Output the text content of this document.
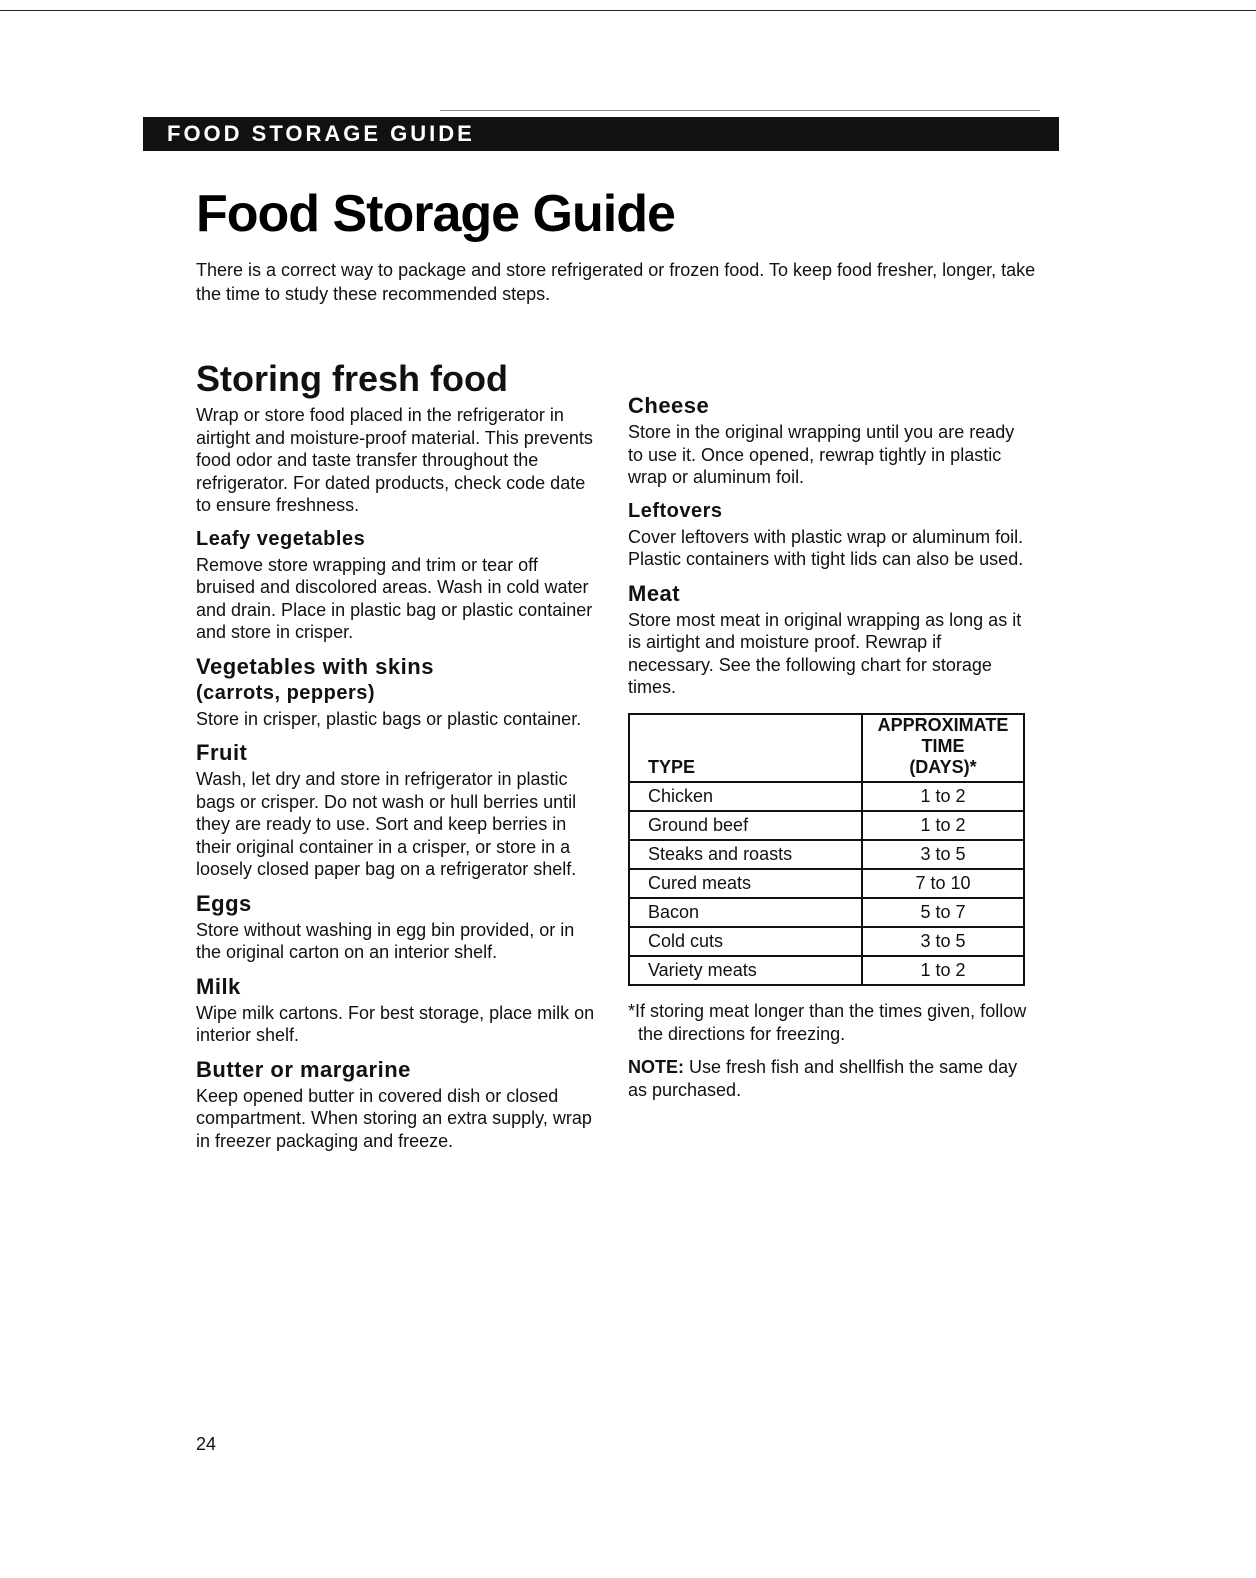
FOOD STORAGE GUIDE
Food Storage Guide

There is a correct way to package and store refrigerated or frozen food. To keep food fresher, longer, take the time to study these recommended steps.

Storing fresh food

Wrap or store food placed in the refrigerator in airtight and moisture-proof material. This prevents food odor and taste transfer throughout the refrigerator. For dated products, check code date to ensure freshness.

Leafy vegetables

Remove store wrapping and trim or tear off bruised and discolored areas. Wash in cold water and drain. Place in plastic bag or plastic container and store in crisper.

Vegetables with skins
(carrots, peppers)

Store in crisper, plastic bags or plastic container.

Fruit

Wash, let dry and store in refrigerator in plastic bags or crisper. Do not wash or hull berries until they are ready to use. Sort and keep berries in their original container in a crisper, or store in a loosely closed paper bag on a refrigerator shelf.

Eggs

Store without washing in egg bin provided, or in the original carton on an interior shelf.

Milk

Wipe milk cartons. For best storage, place milk on interior shelf.

Butter or margarine

Keep opened butter in covered dish or closed compartment. When storing an extra supply, wrap in freezer packaging and freeze.

Cheese

Store in the original wrapping until you are ready to use it. Once opened, rewrap tightly in plastic wrap or aluminum foil.

Leftovers

Cover leftovers with plastic wrap or aluminum foil. Plastic containers with tight lids can also be used.

Meat

Store most meat in original wrapping as long as it is airtight and moisture proof. Rewrap if necessary. See the following chart for storage times.

TYPE	APPROXIMATE TIME
(DAYS)*

Chicken	1 to 2
Ground beef	1 to 2
Steaks and roasts	3 to 5
Cured meats	7 to 10
Bacon	5 to 7
Cold cuts	3 to 5
Variety meats	1 to 2

*If storing meat longer than the times given, follow the directions for freezing.

NOTE: Use fresh fish and shellfish the same day as purchased.

24
